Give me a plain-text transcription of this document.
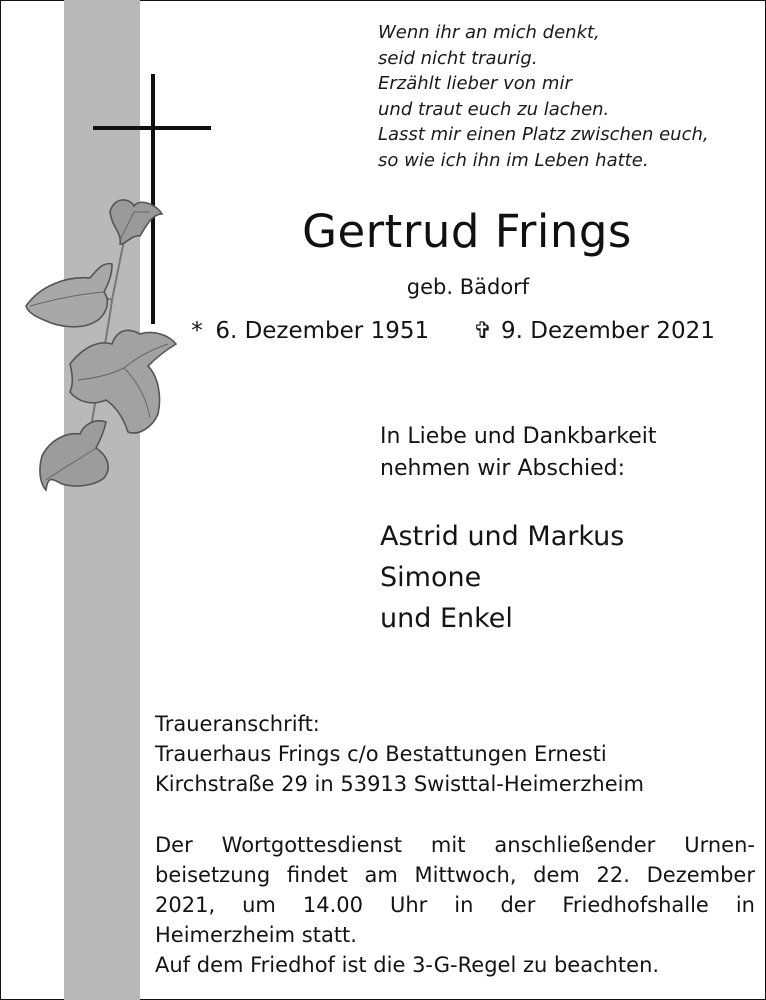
Wenn ihr an mich denkt,
seid nicht traurig.
Erzählt lieber von mir
und traut euch zu lachen.
Lasst mir einen Platz zwischen euch,
so wie ich ihn im Leben hatte.
Gertrud Frings
geb. Bädorf
* 6. Dezember 1951 ✞ 9. Dezember 2021
In Liebe und Dankbarkeit
nehmen wir Abschied:
Astrid und Markus
Simone
und Enkel
Traueranschrift:
Trauerhaus Frings c/o Bestattungen Ernesti
Kirchstraße 29 in 53913 Swisttal-Heimerzheim
Der Wortgottesdienst mit anschließender Urnen-
beisetzung findet am Mittwoch, dem 22. Dezember
2021, um 14.00 Uhr in der Friedhofshalle in
Heimerzheim statt.
Auf dem Friedhof ist die 3-G-Regel zu beachten.
